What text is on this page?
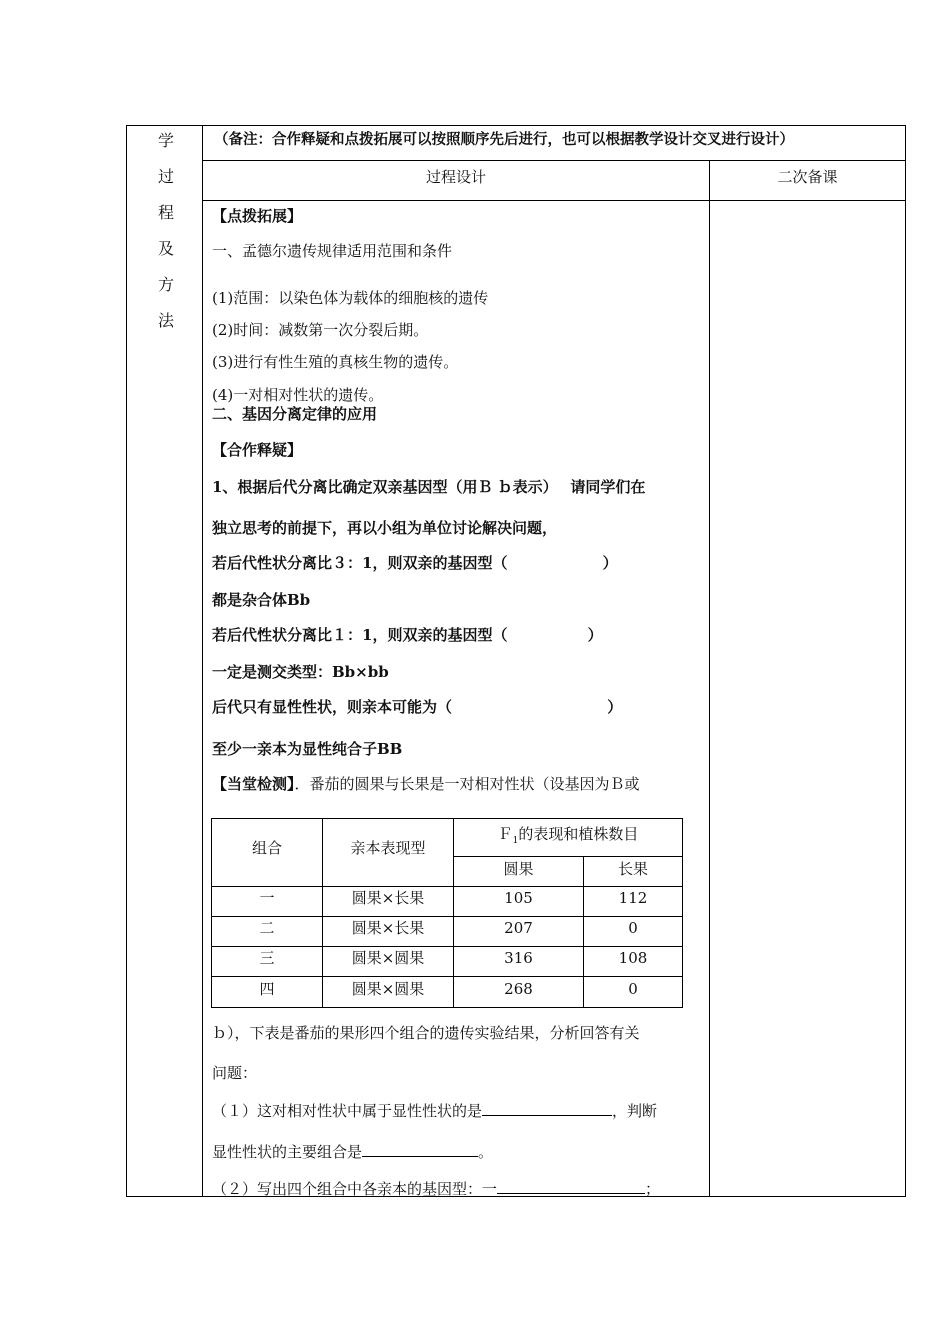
学
过
程
及
方
法
（备注：合作释疑和点拨拓展可以按照顺序先后进行，也可以根据教学设计交叉进行设计）
过程设计	二次备课
【点拨拓展】
一、孟德尔遗传规律适用范围和条件
(1)范围：以染色体为载体的细胞核的遗传
(2)时间：减数第一次分裂后期。
(3)进行有性生殖的真核生物的遗传。
(4)一对相对性状的遗传。
二、基因分离定律的应用
【合作释疑】
1、根据后代分离比确定双亲基因型（用Ｂ ｂ表示）　 请同学们在
独立思考的前提下，再以小组为单位讨论解决问题，
若后代性状分离比３：1，则双亲的基因型（　　　　　　 ）
都是杂合体Bb
若后代性状分离比１：1，则双亲的基因型（　　　　　 ）
一定是测交类型：Bb×bb
后代只有显性性状，则亲本可能为（　　　　　　　　　　 ）
至少一亲本为显性纯合子BB
【当堂检测】．番茄的圆果与长果是一对相对性状（设基因为Ｂ或
组合	亲本表现型
Ｆ$_1$的表现和植株数目
圆果	长果
一	圆果×长果	105	112
二	圆果×长果	207	0
三	圆果×圆果	316	108
四	圆果×圆果	268	0
ｂ），下表是番茄的果形四个组合的遗传实验结果，分析回答有关
问题：
（１）这对相对性状中属于显性性状的是	，判断
显性性状的主要组合是	。
（２）写出四个组合中各亲本的基因型：一	；
